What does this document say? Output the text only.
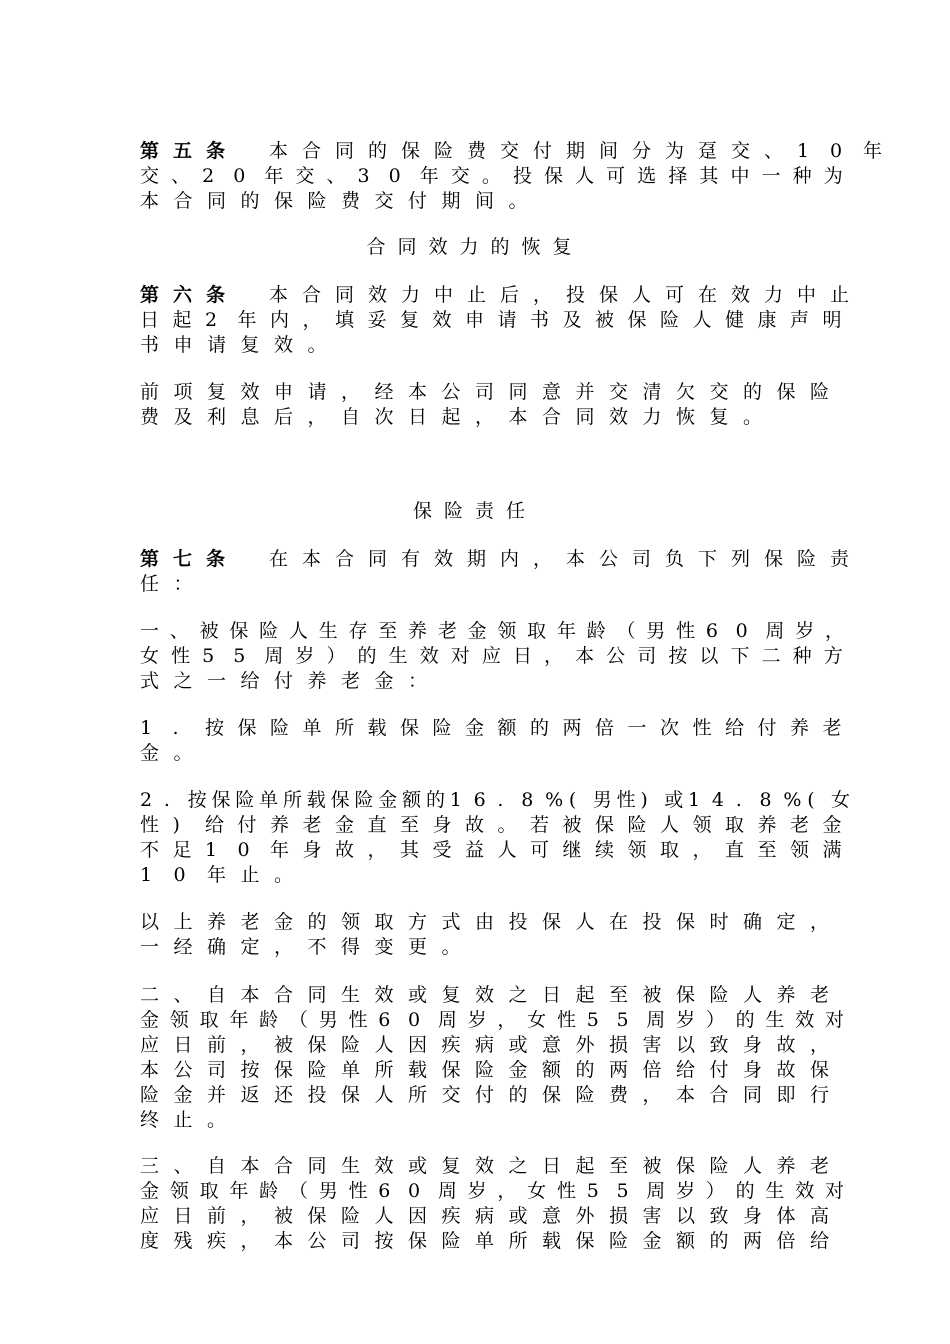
第 五 条	本 合 同 的 保 险 费 交 付 期 间 分 为 趸 交 、 1 0 年
交 、 2 0 年 交 、 3 0 年 交 。 投 保 人 可 选 择 其 中 一 种 为
本 合 同 的 保 险 费 交 付 期 间 。
合同效力的恢复
第 六 条	本 合 同 效 力 中 止 后 ， 投 保 人 可 在 效 力 中 止
日 起 2	年 内 ， 填 妥 复 效 申 请 书 及 被 保 险 人 健 康 声 明
书 申 请 复 效 。
前 项 复 效 申 请 ， 经 本 公 司 同 意 并 交 清 欠 交 的 保 险
费 及 利 息 后 ， 自 次 日 起 ， 本 合 同 效 力 恢 复 。
保险责任
第 七 条	在 本 合 同 有 效 期 内 ， 本 公 司 负 下 列 保 险 责
任 ：
一 、 被 保 险 人 生 存 至 养 老 金 领 取 年 龄 （ 男 性 6 0 周 岁 ，
女 性 5 5 周 岁 ） 的 生 效 对 应 日 ， 本 公 司 按 以 下 二 种 方
式 之 一 给 付 养 老 金 ：
1	.	按 保 险 单 所 载 保 险 金 额 的 两 倍 一 次 性 给 付 养 老
金 。
2 . 按 保 险 单 所 载 保 险 金 额 的 1 6 . 8 % ( 男 性 ) 或 1 4 . 8 % ( 女
性 )	给 付 养 老 金 直 至 身 故 。 若 被 保 险 人 领 取 养 老 金
不 足 1	0	年 身 故 ， 其 受 益 人 可 继 续 领 取 ， 直 至 领 满
1	0	年 止 。
以 上 养 老 金 的 领 取 方 式 由 投 保 人 在 投 保 时 确 定 ，
一 经 确 定 ， 不 得 变 更 。
二 、 自 本 合 同 生 效 或 复 效 之 日 起 至 被 保 险 人 养 老
金 领 取 年 龄 （ 男 性 6 0 周 岁 ， 女 性 5 5 周 岁 ） 的 生 效 对
应 日 前 ， 被 保 险 人 因 疾 病 或 意 外 损 害 以 致 身 故 ，
本 公 司 按 保 险 单 所 载 保 险 金 额 的 两 倍 给 付 身 故 保
险 金 并 返 还 投 保 人 所 交 付 的 保 险 费 ， 本 合 同 即 行
终 止 。
三 、 自 本 合 同 生 效 或 复 效 之 日 起 至 被 保 险 人 养 老
金 领 取 年 龄 （ 男 性 6 0 周 岁 ， 女 性 5 5 周 岁 ） 的 生 效 对
应 日 前 ， 被 保 险 人 因 疾 病 或 意 外 损 害 以 致 身 体 高
度 残 疾 ， 本 公 司 按 保 险 单 所 载 保 险 金 额 的 两 倍 给
